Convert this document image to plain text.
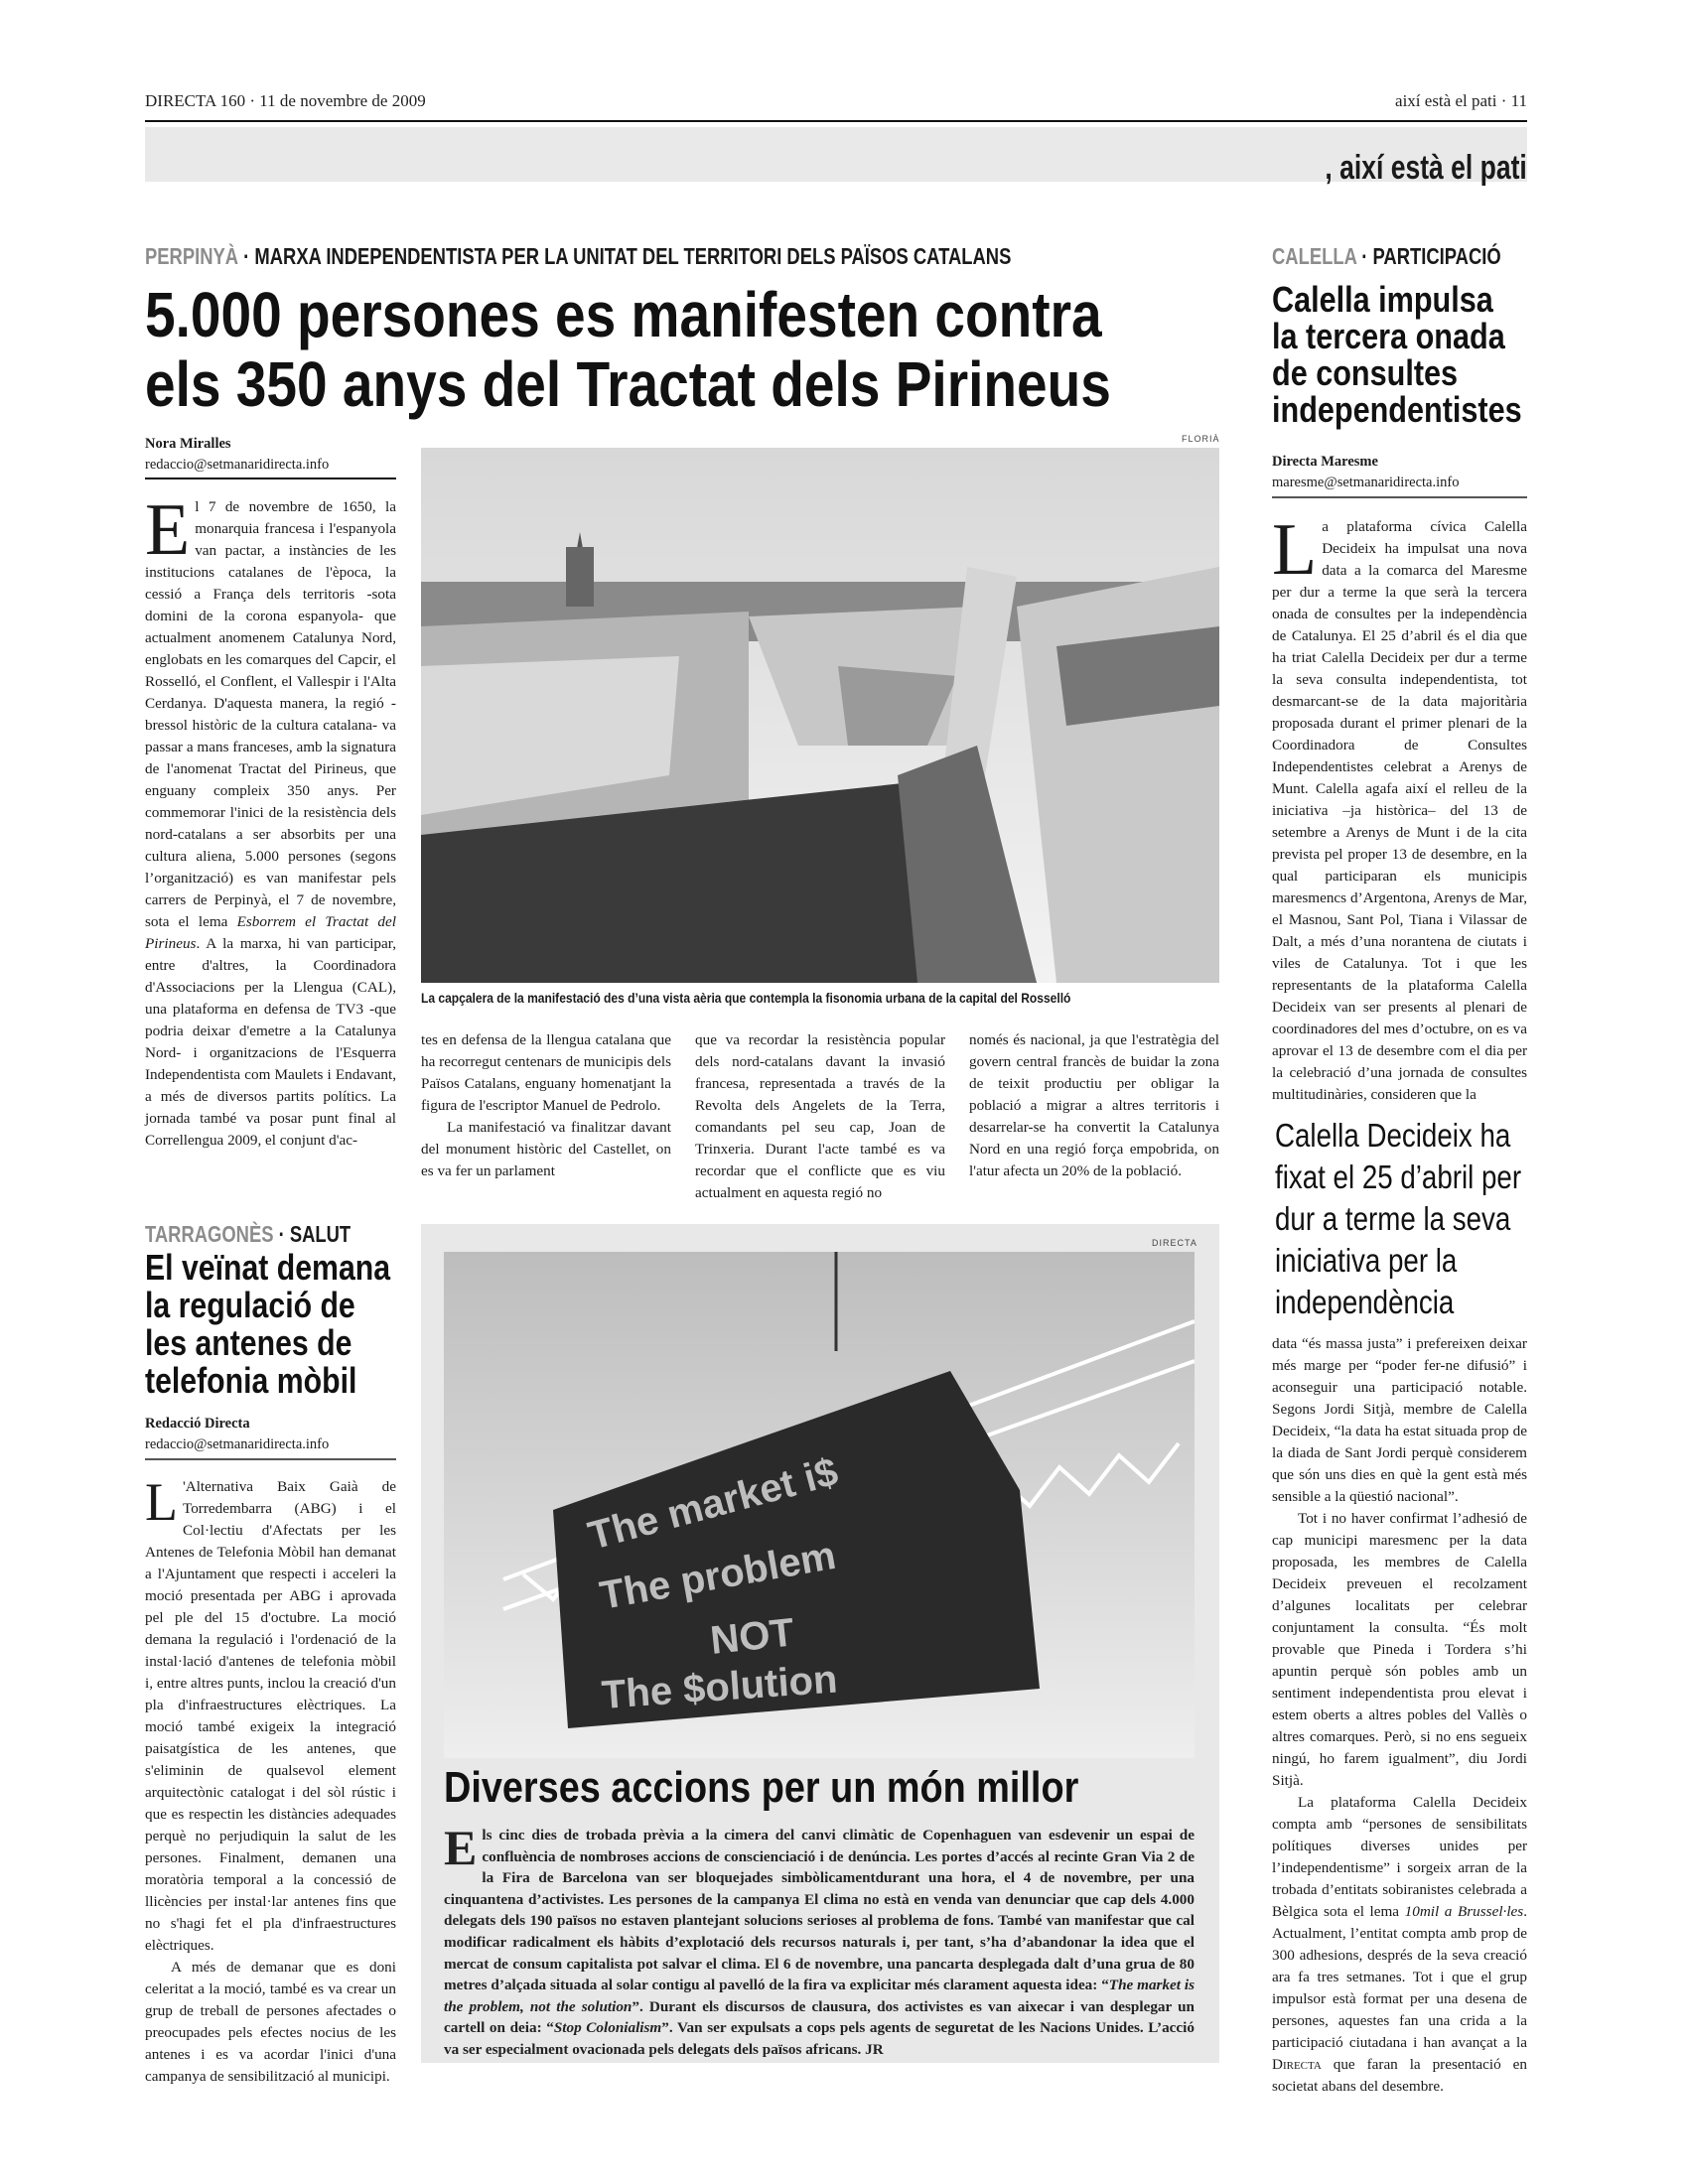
DIRECTA 160 · 11 de novembre de 2009	així està el pati · 11
, així està el pati
PERPINYÀ · MARXA INDEPENDENTISTA PER LA UNITAT DEL TERRITORI DELS PAÏSOS CATALANS
5.000 persones es manifesten contra
els 350 anys del Tractat dels Pirineus
Nora Miralles
redaccio@setmanaridirecta.info

El 7 de novembre de 1650, la monarquia francesa i l'espanyola van pactar, a instàncies de les institucions catalanes de l'època, la cessió a França dels territoris -sota domini de la corona espanyola- que actualment anomenem Catalunya Nord, englobats en les comarques del Capcir, el Rosselló, el Conflent, el Vallespir i l'Alta Cerdanya. D'aquesta manera, la regió -bressol històric de la cultura catalana- va passar a mans franceses, amb la signatura de l'anomenat Tractat del Pirineus, que enguany compleix 350 anys. Per commemorar l'inici de la resistència dels nord-catalans a ser absorbits per una cultura aliena, 5.000 persones (segons l’organització) es van manifestar pels carrers de Perpinyà, el 7 de novembre, sota el lema Esborrem el Tractat del Pirineus. A la marxa, hi van participar, entre d'altres, la Coordinadora d'Associacions per la Llengua (CAL), una plataforma en defensa de TV3 -que podria deixar d'emetre a la Catalunya Nord- i organitzacions de l'Esquerra Independentista com Maulets i Endavant, a més de diversos partits polítics. La jornada també va posar punt final al Correllengua 2009, el conjunt d'ac-

FLORIÀ
La capçalera de la manifestació des d’una vista aèria que contempla la fisonomia urbana de la capital del Rosselló

tes en defensa de la llengua catalana que ha recorregut centenars de municipis dels Països Catalans, enguany homenatjant la figura de l'escriptor Manuel de Pedrolo.

La manifestació va finalitzar davant del monument històric del Castellet, on es va fer un parlament

que va recordar la resistència popular dels nord-catalans davant la invasió francesa, representada a través de la Revolta dels Angelets de la Terra, comandants pel seu cap, Joan de Trinxeria. Durant l'acte també es va recordar que el conflicte que es viu actualment en aquesta regió no

només és nacional, ja que l'estratègia del govern central francès de buidar la zona de teixit productiu per obligar la població a migrar a altres territoris i desarrelar-se ha convertit la Catalunya Nord en una regió força empobrida, on l'atur afecta un 20% de la població.

CALELLA · PARTICIPACIÓ
Calella impulsa la tercera onada de consultes independentistes
Directa Maresme
maresme@setmanaridirecta.info

La plataforma cívica Calella Decideix ha impulsat una nova data a la comarca del Maresme per dur a terme la que serà la tercera onada de consultes per la independència de Catalunya. El 25 d’abril és el dia que ha triat Calella Decideix per dur a terme la seva consulta independentista, tot desmarcant-se de la data majoritària proposada durant el primer plenari de la Coordinadora de Consultes Independentistes celebrat a Arenys de Munt. Calella agafa així el relleu de la iniciativa –ja històrica– del 13 de setembre a Arenys de Munt i de la cita prevista pel proper 13 de desembre, en la qual participaran els municipis maresmencs d’Argentona, Arenys de Mar, el Masnou, Sant Pol, Tiana i Vilassar de Dalt, a més d’una norantena de ciutats i viles de Catalunya. Tot i que les representants de la plataforma Calella Decideix van ser presents al plenari de coordinadores del mes d’octubre, on es va aprovar el 13 de desembre com el dia per la celebració d’una jornada de consultes multitudinàries, consideren que la

Calella Decideix ha fixat el 25 d’abril per dur a terme la seva iniciativa per la independència

data “és massa justa” i prefereixen deixar més marge per “poder fer-ne difusió” i aconseguir una participació notable. Segons Jordi Sitjà, membre de Calella Decideix, “la data ha estat situada prop de la diada de Sant Jordi perquè considerem que són uns dies en què la gent està més sensible a la qüestió nacional”.

Tot i no haver confirmat l’adhesió de cap municipi maresmenc per la data proposada, les membres de Calella Decideix preveuen el recolzament d’algunes localitats per celebrar conjuntament la consulta. “És molt provable que Pineda i Tordera s’hi apuntin perquè són pobles amb un sentiment independentista prou elevat i estem oberts a altres pobles del Vallès o altres comarques. Però, si no ens segueix ningú, ho farem igualment”, diu Jordi Sitjà.

La plataforma Calella Decideix compta amb “persones de sensibilitats polítiques diverses unides per l’independentisme” i sorgeix arran de la trobada d’entitats sobiranistes celebrada a Bèlgica sota el lema 10mil a Brussel·les. Actualment, l’entitat compta amb prop de 300 adhesions, després de la seva creació ara fa tres setmanes. Tot i que el grup impulsor està format per una desena de persones, aquestes fan una crida a la participació ciutadana i han avançat a la Directa que faran la presentació en societat abans del desembre.

TARRAGONÈS · SALUT
El veïnat demana la regulació de les antenes de telefonia mòbil
Redacció Directa
redaccio@setmanaridirecta.info

L 'Alternativa Baix Gaià de Torredembarra (ABG) i el Col·lectiu d'Afectats per les Antenes de Telefonia Mòbil han demanat a l'Ajuntament que respecti i acceleri la moció presentada per ABG i aprovada pel ple del 15 d'octubre. La moció demana la regulació i l'ordenació de la instal·lació d'antenes de telefonia mòbil i, entre altres punts, inclou la creació d'un pla d'infraestructures elèctriques. La moció també exigeix la integració paisatgística de les antenes, que s'eliminin de qualsevol element arquitectònic catalogat i del sòl rústic i que es respectin les distàncies adequades perquè no perjudiquin la salut de les persones. Finalment, demanen una moratòria temporal a la concessió de llicències per instal·lar antenes fins que no s'hagi fet el pla d'infraestructures elèctriques.

A més de demanar que es doni celeritat a la moció, també es va crear un grup de treball de persones afectades o preocupades pels efectes nocius de les antenes i es va acordar l'inici d'una campanya de sensibilització al municipi.

DIRECTA
The market i$
The problem
NOT
The $olution
Diverses accions per un món millor
Els cinc dies de trobada prèvia a la cimera del canvi climàtic de Copenhaguen van esdevenir un espai de confluència de nombroses accions de conscienciació i de denúncia. Les portes d’accés al recinte Gran Via 2 de la Fira de Barcelona van ser bloquejades simbòlicamentdurant una hora, el 4 de novembre, per una cinquantena d’activistes. Les persones de la campanya El clima no està en venda van denunciar que cap dels 4.000 delegats dels 190 països no estaven plantejant solucions serioses al problema de fons. També van manifestar que cal modificar radicalment els hàbits d’explotació dels recursos naturals i, per tant, s’ha d’abandonar la idea que el mercat de consum capitalista pot salvar el clima. El 6 de novembre, una pancarta desplegada dalt d’una grua de 80 metres d’alçada situada al solar contigu al pavelló de la fira va explicitar més clarament aquesta idea: “The market is the problem, not the solution”. Durant els discursos de clausura, dos activistes es van aixecar i van desplegar un cartell on deia: “Stop Colonialism”. Van ser expulsats a cops pels agents de seguretat de les Nacions Unides. L’acció va ser especialment ovacionada pels delegats dels països africans. JR
